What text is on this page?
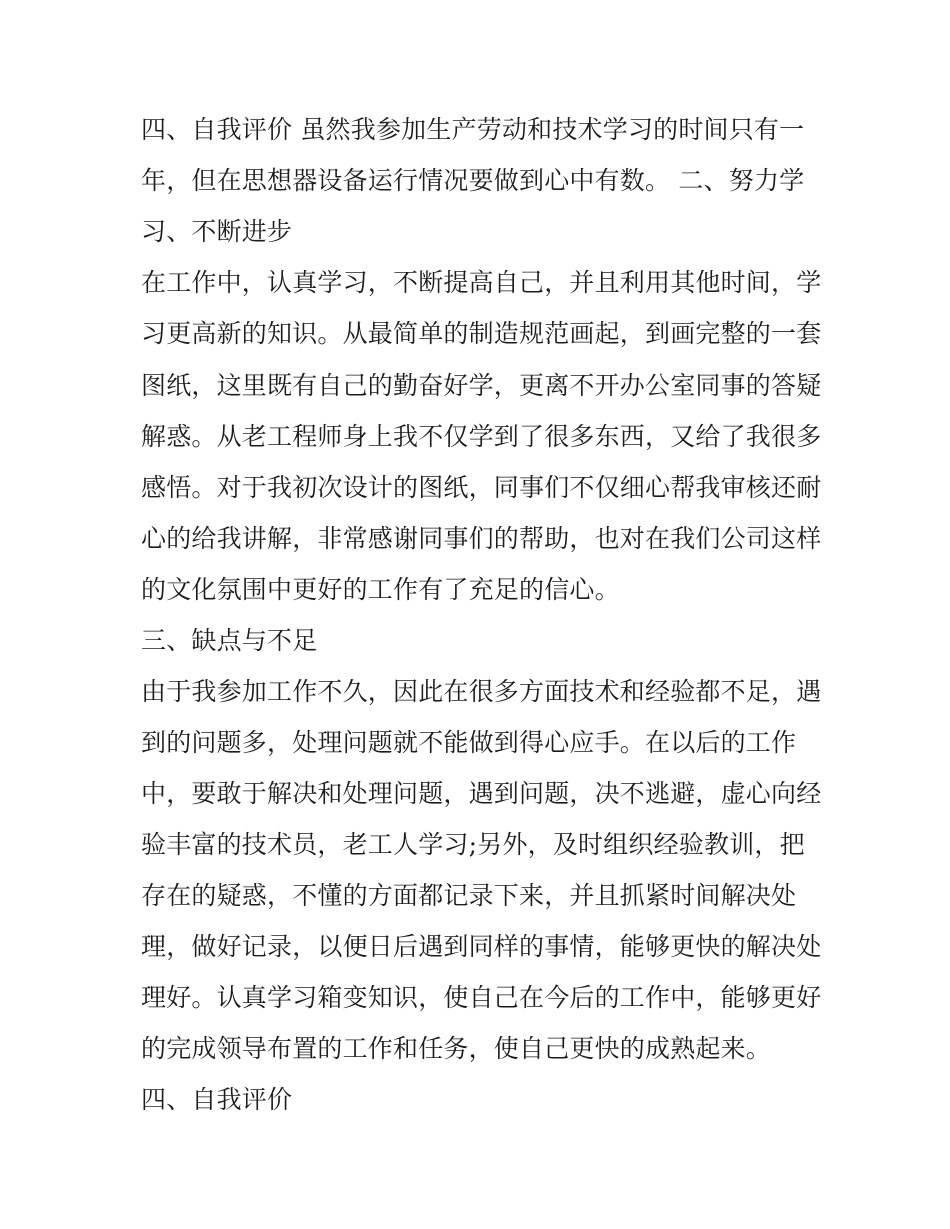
四、自我评价 虽然我参加生产劳动和技术学习的时间只有一
年，但在思想器设备运行情况要做到心中有数。 二、努力学
习、不断进步
在工作中，认真学习，不断提高自己，并且利用其他时间，学
习更高新的知识。从最简单的制造规范画起，到画完整的一套
图纸，这里既有自己的勤奋好学，更离不开办公室同事的答疑
解惑。从老工程师身上我不仅学到了很多东西，又给了我很多
感悟。对于我初次设计的图纸，同事们不仅细心帮我审核还耐
心的给我讲解，非常感谢同事们的帮助，也对在我们公司这样
的文化氛围中更好的工作有了充足的信心。
三、缺点与不足
由于我参加工作不久，因此在很多方面技术和经验都不足，遇
到的问题多，处理问题就不能做到得心应手。在以后的工作
中，要敢于解决和处理问题，遇到问题，决不逃避，虚心向经
验丰富的技术员，老工人学习;另外，及时组织经验教训，把
存在的疑惑，不懂的方面都记录下来，并且抓紧时间解决处
理，做好记录，以便日后遇到同样的事情，能够更快的解决处
理好。认真学习箱变知识，使自己在今后的工作中，能够更好
的完成领导布置的工作和任务，使自己更快的成熟起来。
四、自我评价
